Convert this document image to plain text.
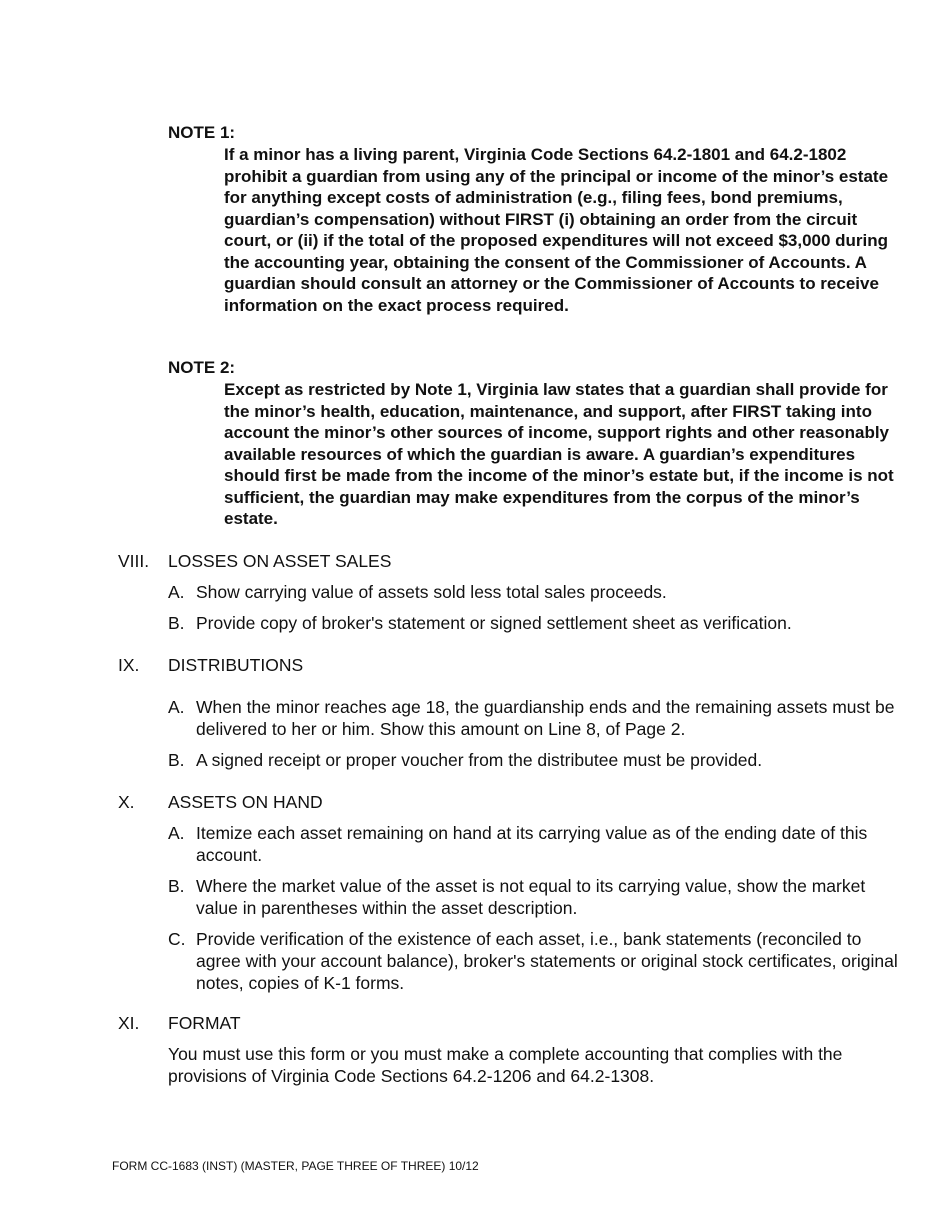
NOTE 1:
If a minor has a living parent, Virginia Code Sections 64.2-1801 and 64.2-1802 prohibit a guardian from using any of the principal or income of the minor’s estate for anything except costs of administration (e.g., filing fees, bond premiums, guardian’s compensation) without FIRST (i) obtaining an order from the circuit court, or (ii) if the total of the proposed expenditures will not exceed $3,000 during the accounting year, obtaining the consent of the Commissioner of Accounts. A guardian should consult an attorney or the Commissioner of Accounts to receive information on the exact process required.
NOTE 2:
Except as restricted by Note 1, Virginia law states that a guardian shall provide for the minor’s health, education, maintenance, and support, after FIRST taking into account the minor’s other sources of income, support rights and other reasonably available resources of which the guardian is aware. A guardian’s expenditures should first be made from the income of the minor’s estate but, if the income is not sufficient, the guardian may make expenditures from the corpus of the minor’s estate.
VIII. LOSSES ON ASSET SALES
A. Show carrying value of assets sold less total sales proceeds.
B. Provide copy of broker's statement or signed settlement sheet as verification.
IX. DISTRIBUTIONS
A. When the minor reaches age 18, the guardianship ends and the remaining assets must be delivered to her or him. Show this amount on Line 8, of Page 2.
B. A signed receipt or proper voucher from the distributee must be provided.
X. ASSETS ON HAND
A. Itemize each asset remaining on hand at its carrying value as of the ending date of this account.
B. Where the market value of the asset is not equal to its carrying value, show the market value in parentheses within the asset description.
C. Provide verification of the existence of each asset, i.e., bank statements (reconciled to agree with your account balance), broker's statements or original stock certificates, original notes, copies of K-1 forms.
XI. FORMAT
You must use this form or you must make a complete accounting that complies with the provisions of Virginia Code Sections 64.2-1206 and 64.2-1308.
FORM CC-1683 (INST) (MASTER, PAGE THREE OF THREE) 10/12
